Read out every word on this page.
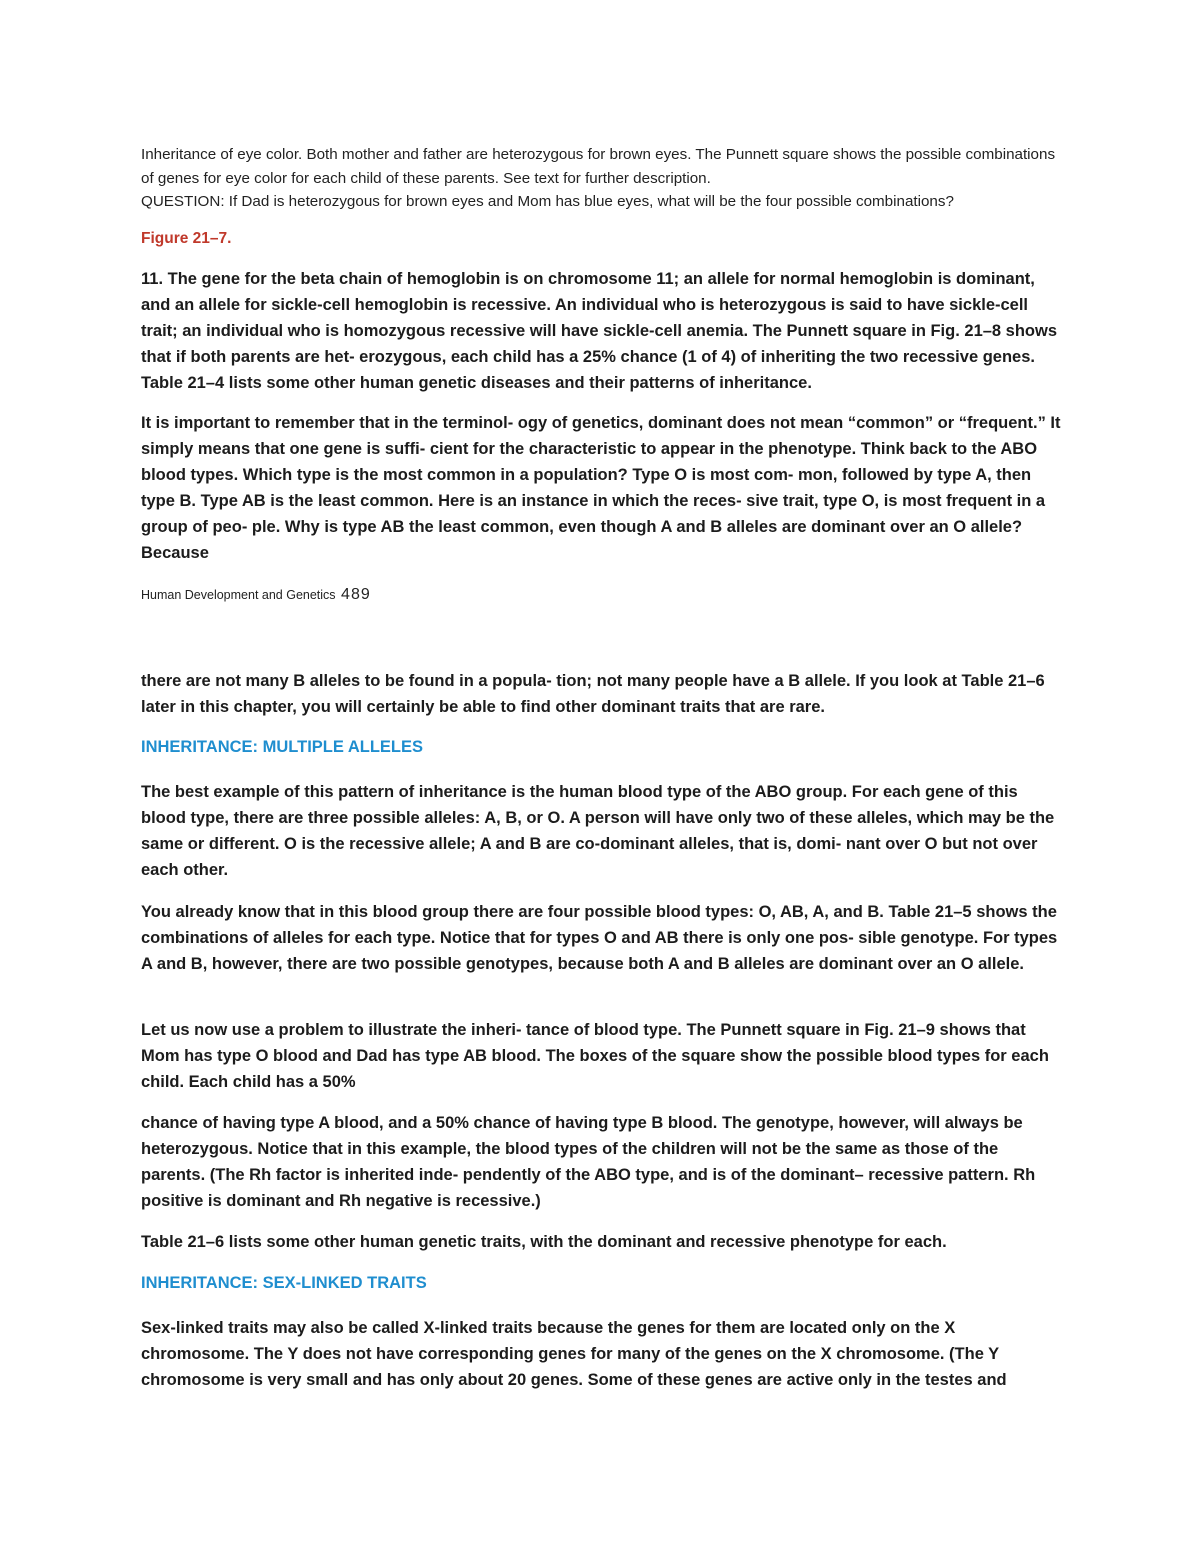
Inheritance of eye color. Both mother and father are heterozygous for brown eyes. The Punnett square shows the possible combinations of genes for eye color for each child of these parents. See text for further description.
QUESTION: If Dad is heterozygous for brown eyes and Mom has blue eyes, what will be the four possible combinations?

Figure 21–7.

11. The gene for the beta chain of hemoglobin is on chromosome 11; an allele for normal hemoglobin is dominant, and an allele for sickle-cell hemoglobin is recessive. An individual who is heterozygous is said to have sickle-cell trait; an individual who is homozygous recessive will have sickle-cell anemia. The Punnett square in Fig. 21–8 shows that if both parents are het- erozygous, each child has a 25% chance (1 of 4) of inheriting the two recessive genes. Table 21–4 lists some other human genetic diseases and their patterns of inheritance.

It is important to remember that in the terminol- ogy of genetics, dominant does not mean “common” or “frequent.” It simply means that one gene is suffi- cient for the characteristic to appear in the phenotype. Think back to the ABO blood types. Which type is the most common in a population? Type O is most com- mon, followed by type A, then type B. Type AB is the least common. Here is an instance in which the reces- sive trait, type O, is most frequent in a group of peo- ple. Why is type AB the least common, even though A and B alleles are dominant over an O allele? Because

Human Development and Genetics 489

there are not many B alleles to be found in a popula- tion; not many people have a B allele. If you look at Table 21–6 later in this chapter, you will certainly be able to find other dominant traits that are rare.

INHERITANCE: MULTIPLE ALLELES

The best example of this pattern of inheritance is the human blood type of the ABO group. For each gene of this blood type, there are three possible alleles: A, B, or O. A person will have only two of these alleles, which may be the same or different. O is the recessive allele; A and B are co-dominant alleles, that is, domi- nant over O but not over each other.

You already know that in this blood group there are four possible blood types: O, AB, A, and B. Table 21–5 shows the combinations of alleles for each type. Notice that for types O and AB there is only one pos- sible genotype. For types A and B, however, there are two possible genotypes, because both A and B alleles are dominant over an O allele.

Let us now use a problem to illustrate the inheri- tance of blood type. The Punnett square in Fig. 21–9 shows that Mom has type O blood and Dad has type AB blood. The boxes of the square show the possible blood types for each child. Each child has a 50%

chance of having type A blood, and a 50% chance of having type B blood. The genotype, however, will always be heterozygous. Notice that in this example, the blood types of the children will not be the same as those of the parents. (The Rh factor is inherited inde- pendently of the ABO type, and is of the dominant– recessive pattern. Rh positive is dominant and Rh negative is recessive.)

Table 21–6 lists some other human genetic traits, with the dominant and recessive phenotype for each.

INHERITANCE: SEX-LINKED TRAITS

Sex-linked traits may also be called X-linked traits because the genes for them are located only on the X chromosome. The Y does not have corresponding genes for many of the genes on the X chromosome. (The Y chromosome is very small and has only about 20 genes. Some of these genes are active only in the testes and
